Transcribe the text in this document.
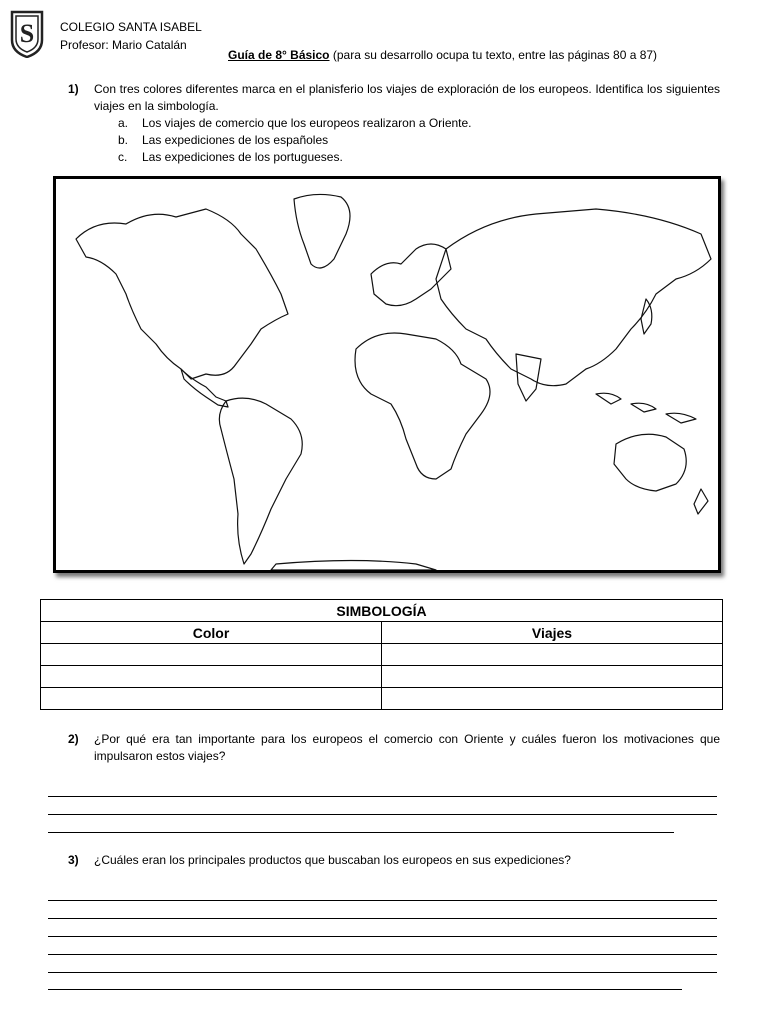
S COLEGIO SANTA ISABEL
Profesor: Mario Catalán
Guía de 8° Básico (para su desarrollo ocupa tu texto, entre las páginas 80 a 87)
1) Con tres colores diferentes marca en el planisferio los viajes de exploración de los europeos. Identifica los siguientes viajes en la simbología.
a. Los viajes de comercio que los europeos realizaron a Oriente.
b. Las expediciones de los españoles
c. Las expediciones de los portugueses.
SIMBOLOGÍA	
Color	Viajes

2) ¿Por qué era tan importante para los europeos el comercio con Oriente y cuáles fueron los motivaciones que impulsaron estos viajes?
3) ¿Cuáles eran los principales productos que buscaban los europeos en sus expediciones?
